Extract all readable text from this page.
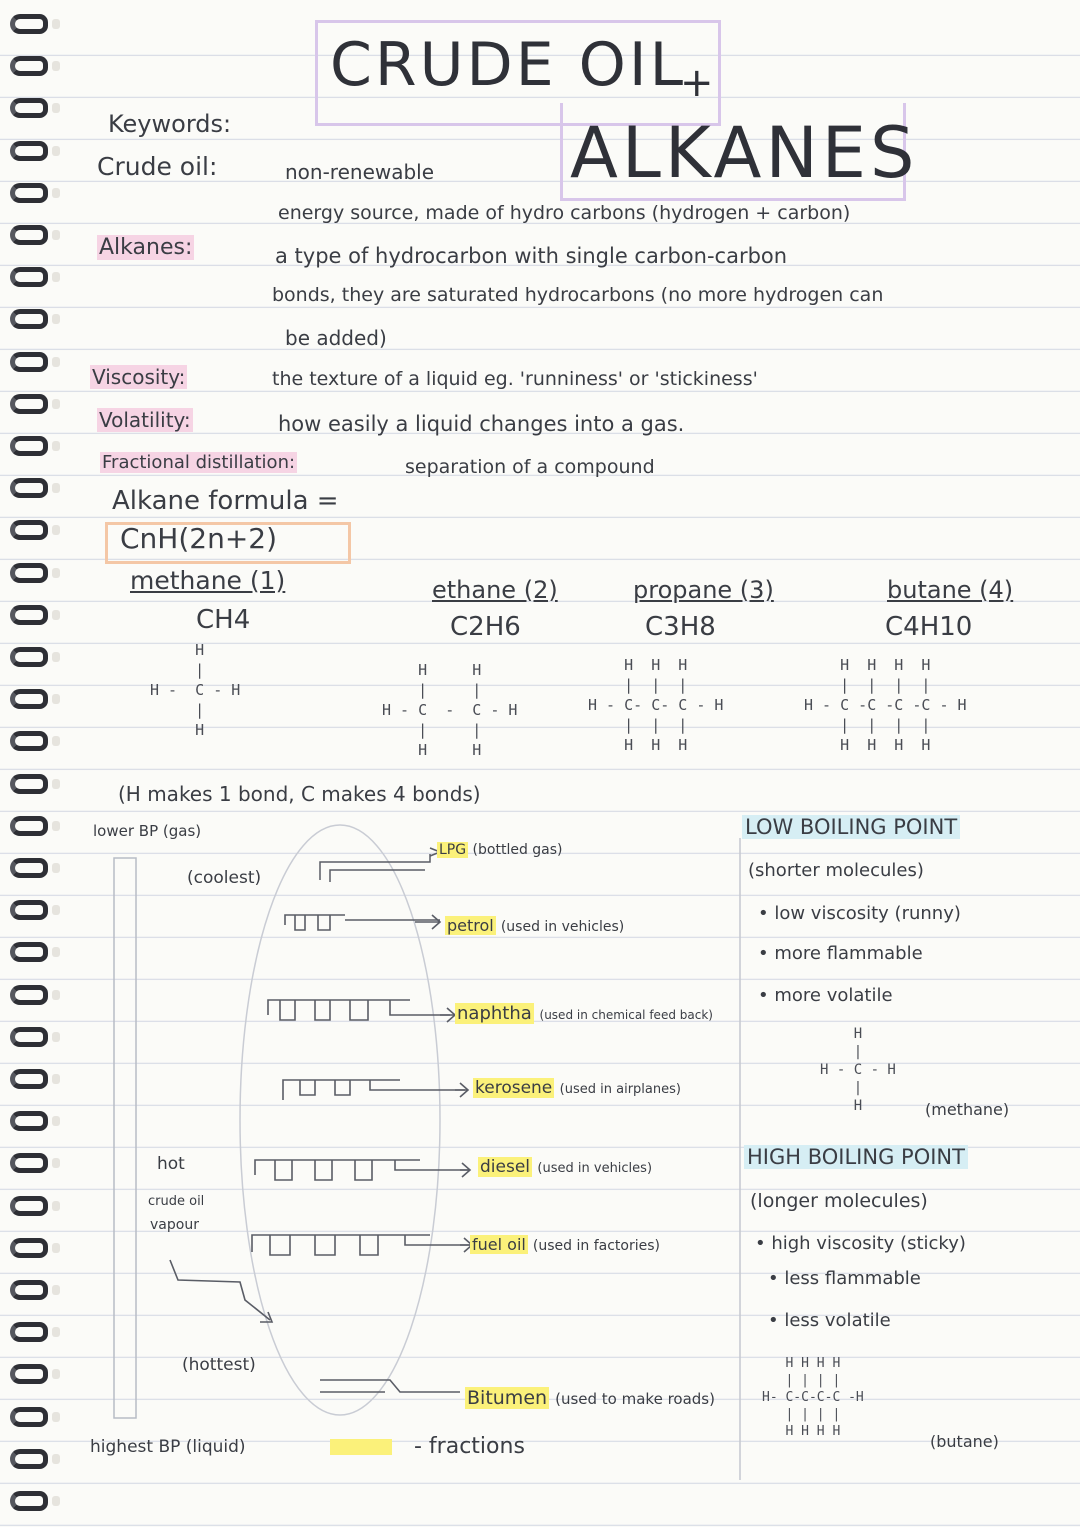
CRUDE OIL
+
ALKANES
Keywords:
Crude oil:	non-renewable
energy source, made of hydro carbons (hydrogen + carbon)
Alkanes:	a type of hydrocarbon with single carbon-carbon
bonds, they are saturated hydrocarbons (no more hydrogen can
be added)
Viscosity:	the texture of a liquid eg. 'runniness' or 'stickiness'
Volatility:	how easily a liquid changes into a gas.
Fractional distillation:	separation of a compound
Alkane formula =
CnH(2n+2)
methane (1)
CH4
H
|
H -  C - H
|
H
ethane (2)
C2H6
H     H
|     |
H - C  -  C - H
|     |
H     H
propane (3)
C3H8
H  H  H
|  |  |
H - C- C- C - H
|  |  |
H  H  H
butane (4)
C4H10
H  H  H  H
|  |  |  |
H - C -C -C -C - H
|  |  |  |
H  H  H  H
(H makes 1 bond, C makes 4 bonds)
lower BP (gas)
(coolest)
hot
crude oil
vapour
(hottest)
highest BP (liquid)	- fractions
LPG (bottled gas)
petrol (used in vehicles)
naphtha (used in chemical feed back)
kerosene (used in airplanes)
diesel (used in vehicles)
fuel oil (used in factories)
Bitumen (used to make roads)
LOW BOILING POINT
(shorter molecules)
• low viscosity (runny)
• more flammable
• more volatile
H
|
H - C - H
|
H	(methane)
HIGH BOILING POINT
(longer molecules)
• high viscosity (sticky)
• less flammable
• less volatile
H H H H
| | | |
H- C-C-C-C -H
| | | |
H H H H
(butane)
